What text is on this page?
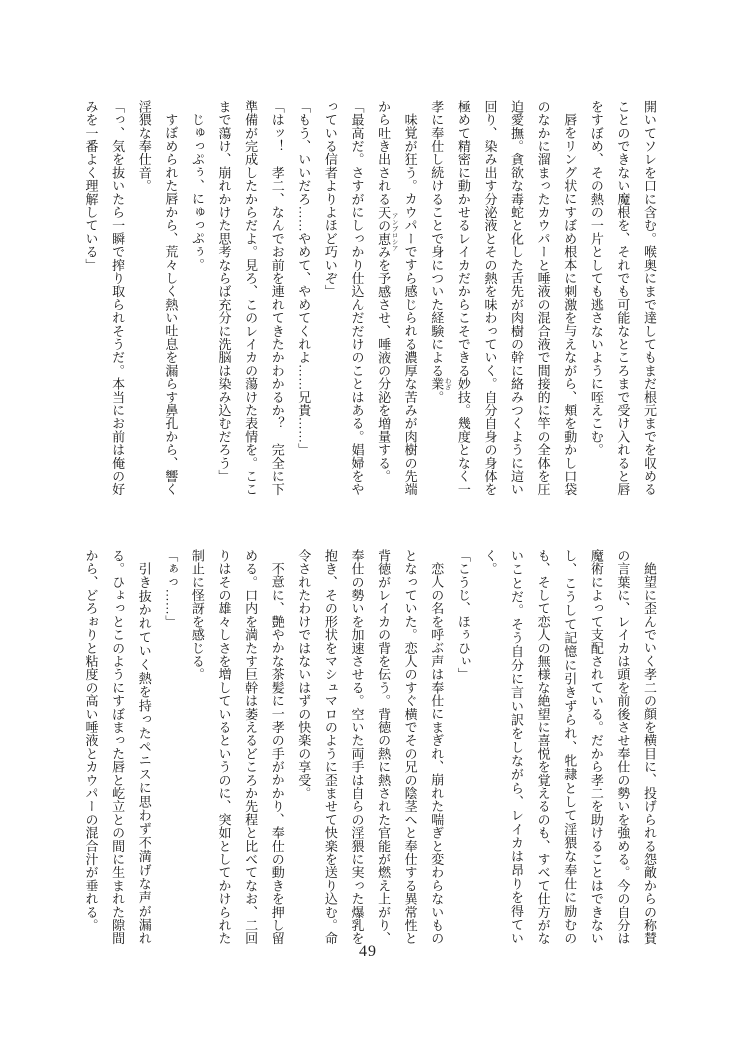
開いてソレを口に含む。喉奥にまで達してもまだ根元までを収めることのできない魔根を、それでも可能なところまで受け入れると唇をすぼめ、その熱の一片としても逃さないように咥えこむ。

唇をリング状にすぼめ根本に刺激を与えながら、頬を動かし口袋のなかに溜まったカウパーと唾液の混合液で間接的に竿の全体を圧迫愛撫。貪欲な毒蛇と化した舌先が肉樹の幹に絡みつくように這い回り、染み出す分泌液とその熱を味わっていく。自分自身の身体を極めて精密に動かせるレイカだからこそできる妙技。幾度となく一孝に奉仕し続けることで身についた経験による業 わざ。

味覚が狂う。カウパーですら感じられる濃厚な苦みが肉樹の先端から吐き出される天の恵み アンブロシアを予感させ、唾液の分泌を増量する。

「最高だ。さすがにしっかり仕込んだだけのことはある。娼婦をやっている信者よりよほど巧いぞ」

「もう、いいだろ……やめて、やめてくれよ……兄貴……」

「はッ！　孝二、なんでお前を連れてきたかわかるか？　完全に下準備が完成したからだよ。見ろ、このレイカの蕩けた表情を。ここまで蕩け、崩れかけた思考ならば充分に洗脳は染み込むだろう」

じゅっぷぅ、にゅっぷぅ。

すぼめられた唇から、荒々しく熱い吐息を漏らす鼻孔から、響く淫猥な奉仕音。

「っ、気を抜いたら一瞬で搾り取られそうだ。本当にお前は俺の好みを一番よく理解している」

絶望に歪んでいく孝二の顔を横目に、投げられる怨敵からの称賛の言葉に、レイカは頭を前後させ奉仕の勢いを強める。今の自分は魔術によって支配されている。だから孝二を助けることはできないし、こうして記憶に引きずられ、牝隷として淫猥な奉仕に励むのも、そして恋人の無様な絶望に喜悦を覚えるのも、すべて仕方がないことだ。そう自分に言い訳をしながら、レイカは昂りを得ていく。

「こうじ、ほぅひぃ」

恋人の名を呼ぶ声は奉仕にまぎれ、崩れた喘ぎと変わらないものとなっていた。恋人のすぐ横でその兄の陰茎へと奉仕する異常性と背徳がレイカの背を伝う。背徳の熱に熱された官能が燃え上がり、奉仕の勢いを加速させる。空いた両手は自らの淫猥に実った爆乳を抱き、その形状をマシュマロのように歪ませて快楽を送り込む。命令されたわけではないはずの快楽の享受。

不意に、艶やかな茶髪に一孝の手がかかり、奉仕の動きを押し留める。口内を満たす巨幹は萎えるどころか先程と比べてなお、二回りはその雄々しさを増しているというのに、突如としてかけられた制止に怪訝を感じる。

「ぁっ……」

引き抜かれていく熱を持ったペニスに思わず不満げな声が漏れる。ひょっとこのようにすぼまった唇と屹立との間に生まれた隙間から、どろぉりと粘度の高い唾液とカウパーの混合汁が垂れる。

49
